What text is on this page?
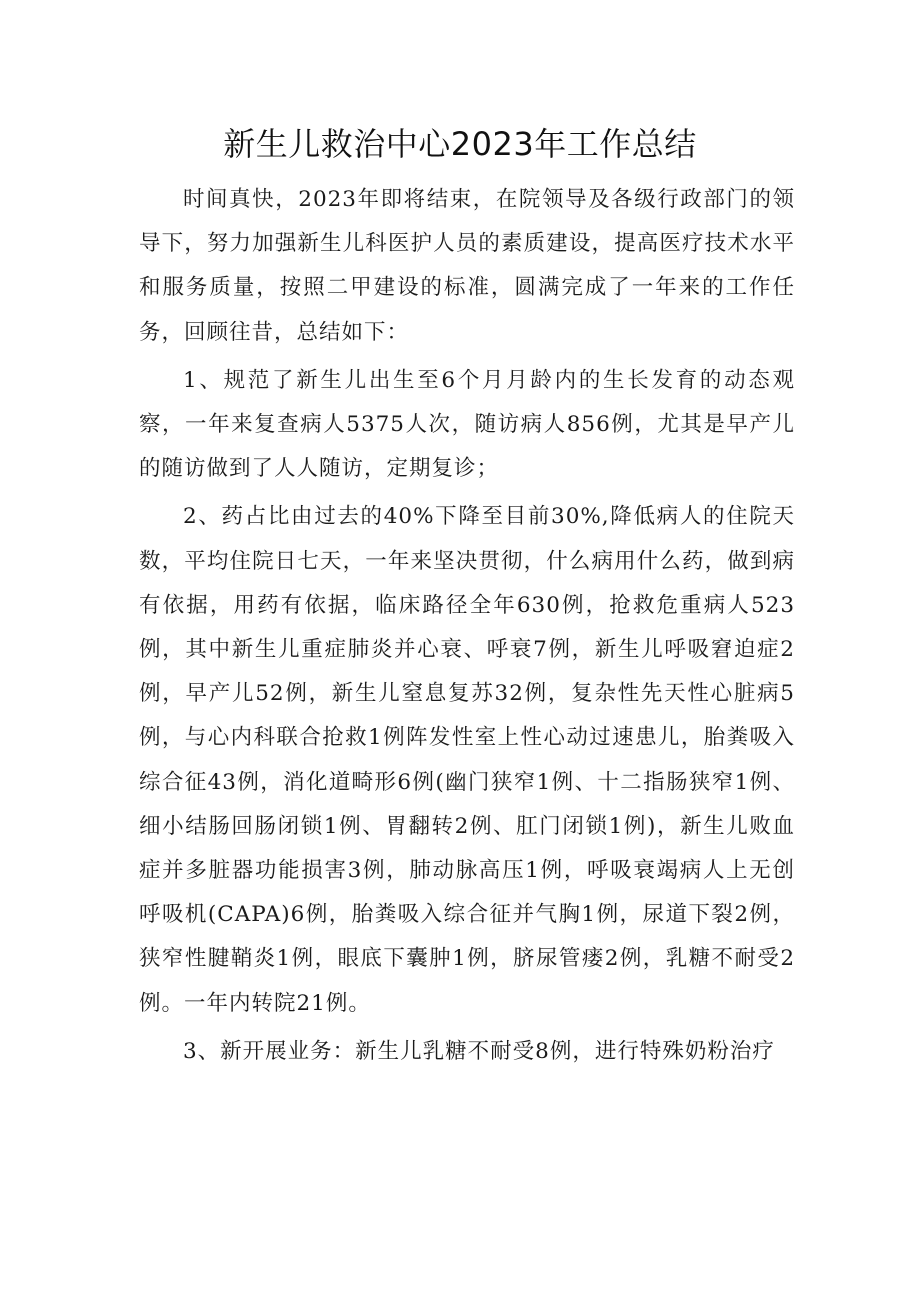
新生儿救治中心2023年工作总结

时间真快，2023年即将结束，在院领导及各级行政部门的领导下，努力加强新生儿科医护人员的素质建设，提高医疗技术水平和服务质量，按照二甲建设的标准，圆满完成了一年来的工作任务，回顾往昔，总结如下：

1、规范了新生儿出生至6个月月龄内的生长发育的动态观察，一年来复查病人5375人次，随访病人856例，尤其是早产儿的随访做到了人人随访，定期复诊；

2、药占比由过去的40%下降至目前30%,降低病人的住院天数，平均住院日七天，一年来坚决贯彻，什么病用什么药，做到病有依据，用药有依据，临床路径全年630例，抢救危重病人523例，其中新生儿重症肺炎并心衰、呼衰7例，新生儿呼吸窘迫症2例，早产儿52例，新生儿窒息复苏32例，复杂性先天性心脏病5例，与心内科联合抢救1例阵发性室上性心动过速患儿，胎粪吸入综合征43例，消化道畸形6例(幽门狭窄1例、十二指肠狭窄1例、细小结肠回肠闭锁1例、胃翻转2例、肛门闭锁1例)，新生儿败血症并多脏器功能损害3例，肺动脉高压1例，呼吸衰竭病人上无创呼吸机(CAPA)6例，胎粪吸入综合征并气胸1例，尿道下裂2例，狭窄性腱鞘炎1例，眼底下囊肿1例，脐尿管瘘2例，乳糖不耐受2例。一年内转院21例。

3、新开展业务：新生儿乳糖不耐受8例，进行特殊奶粉治疗
